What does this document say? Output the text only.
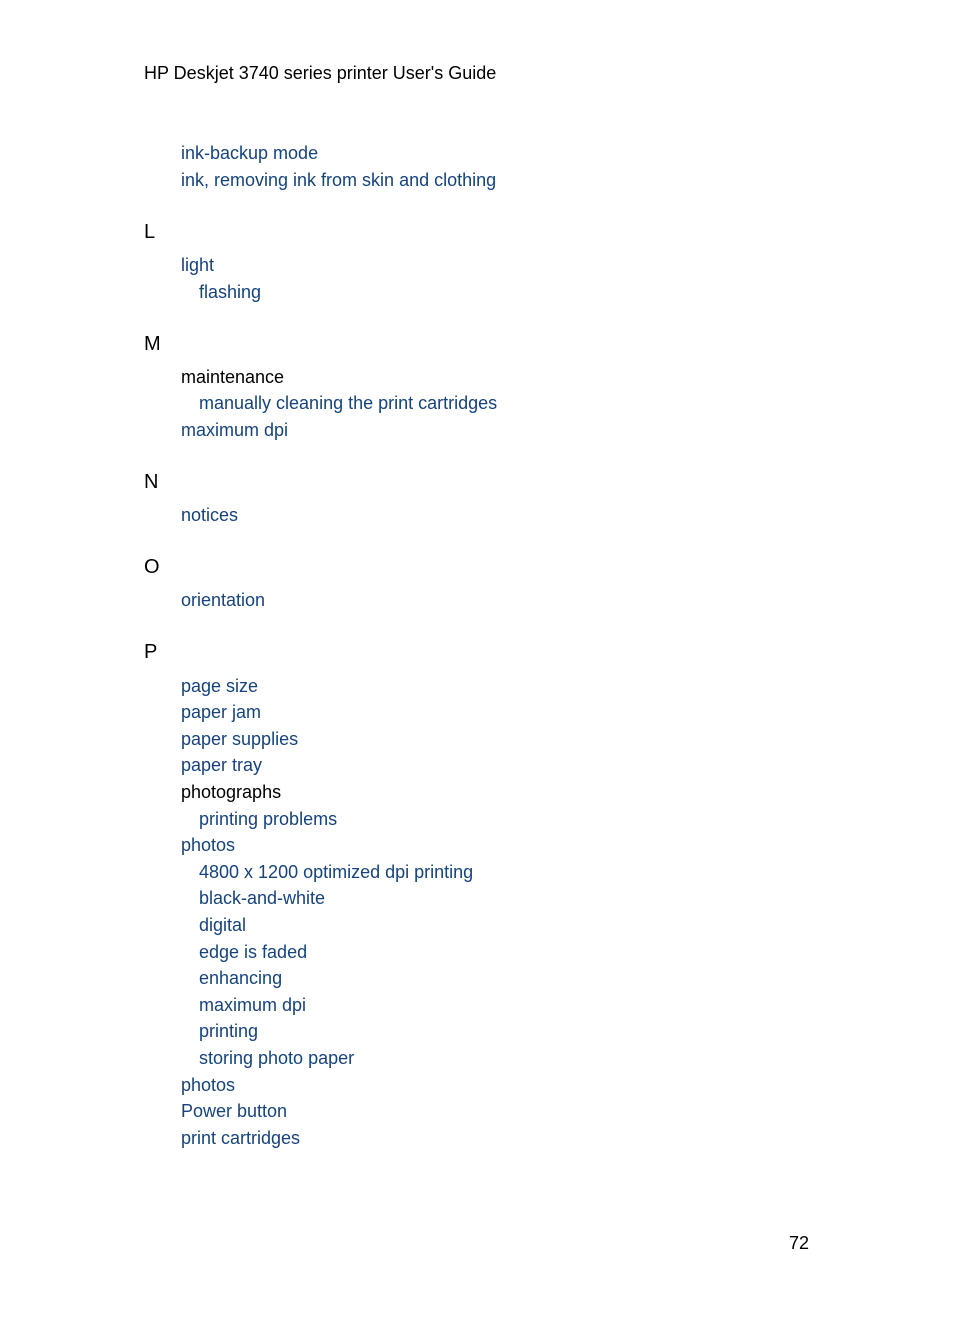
HP Deskjet 3740 series printer User's Guide
ink-backup mode
ink, removing ink from skin and clothing
L
light
flashing
M
maintenance
manually cleaning the print cartridges
maximum dpi
N
notices
O
orientation
P
page size
paper jam
paper supplies
paper tray
photographs
printing problems
photos
4800 x 1200 optimized dpi printing
black-and-white
digital
edge is faded
enhancing
maximum dpi
printing
storing photo paper
photos
Power button
print cartridges
72
